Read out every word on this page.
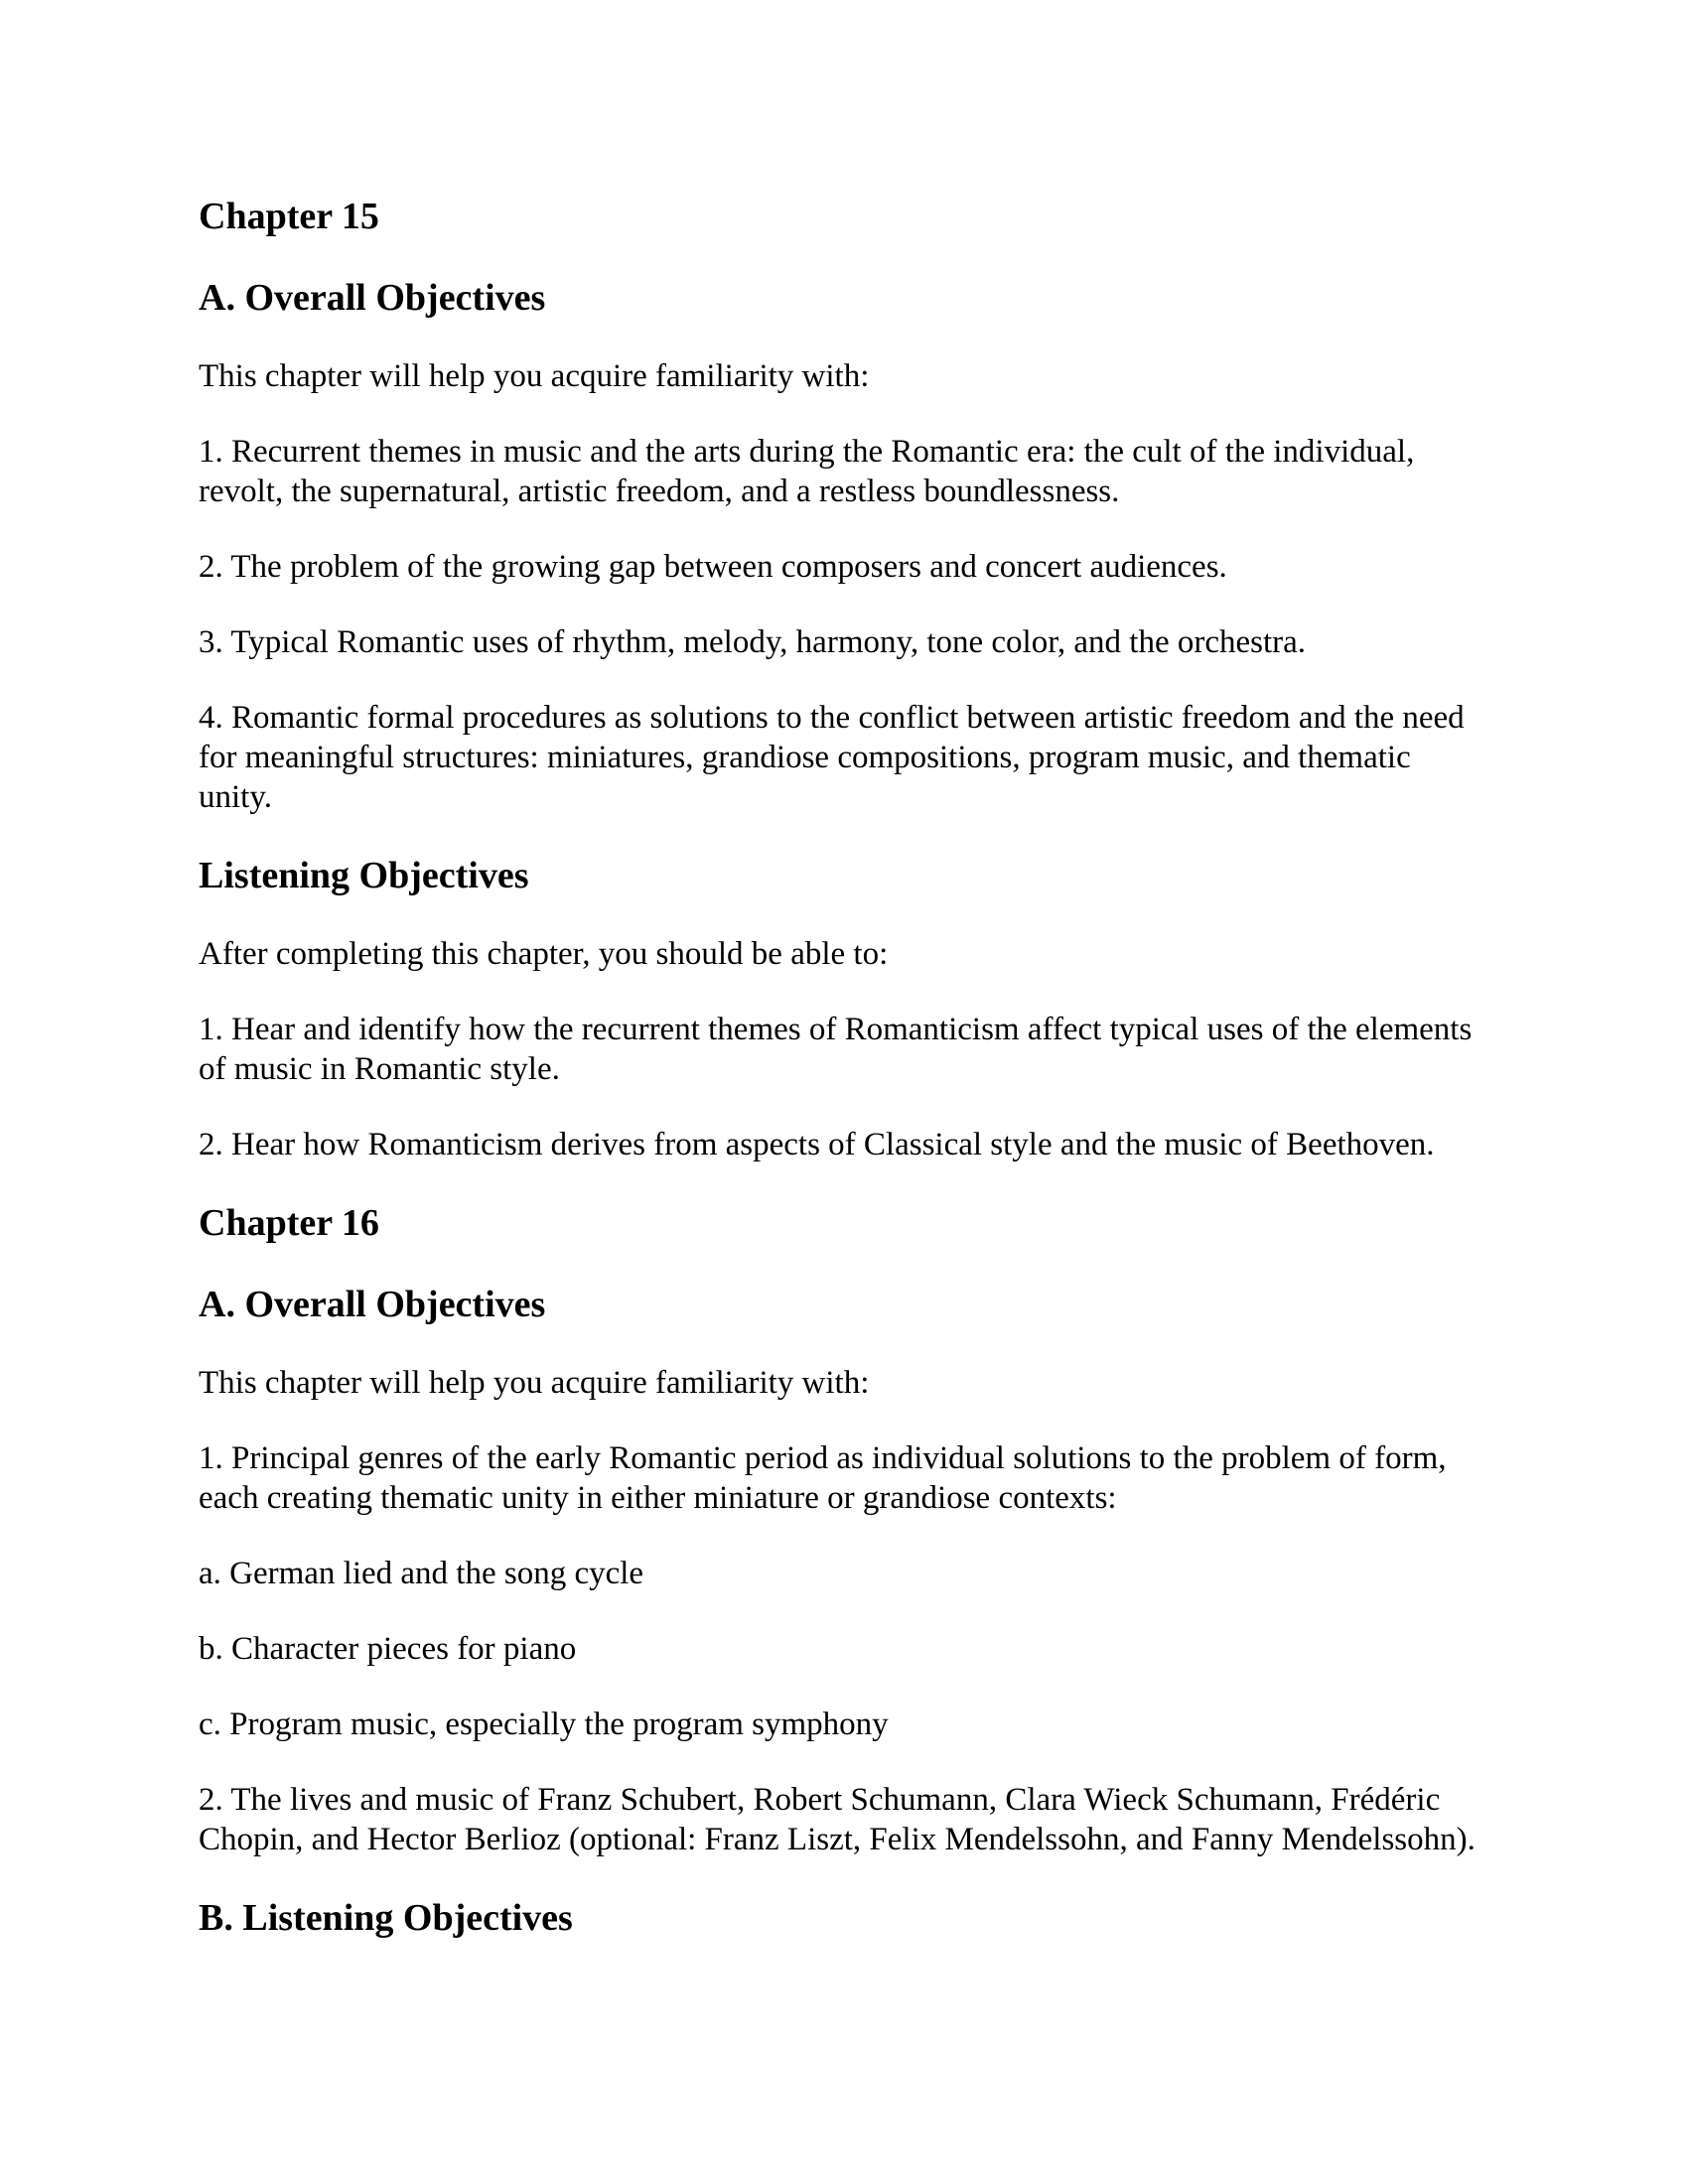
Chapter 15
A. Overall Objectives
This chapter will help you acquire familiarity with:
1. Recurrent themes in music and the arts during the Romantic era: the cult of the individual, revolt, the supernatural, artistic freedom, and a restless boundlessness.
2. The problem of the growing gap between composers and concert audiences.
3. Typical Romantic uses of rhythm, melody, harmony, tone color, and the orchestra.
4. Romantic formal procedures as solutions to the conflict between artistic freedom and the need for meaningful structures: miniatures, grandiose compositions, program music, and thematic unity.
Listening Objectives
After completing this chapter, you should be able to:
1. Hear and identify how the recurrent themes of Romanticism affect typical uses of the elements of music in Romantic style.
2. Hear how Romanticism derives from aspects of Classical style and the music of Beethoven.
Chapter 16
A. Overall Objectives
This chapter will help you acquire familiarity with:
1. Principal genres of the early Romantic period as individual solutions to the problem of form, each creating thematic unity in either miniature or grandiose contexts:
a. German lied and the song cycle
b. Character pieces for piano
c. Program music, especially the program symphony
2. The lives and music of Franz Schubert, Robert Schumann, Clara Wieck Schumann, Frédéric Chopin, and Hector Berlioz (optional: Franz Liszt, Felix Mendelssohn, and Fanny Mendelssohn).
B. Listening Objectives
